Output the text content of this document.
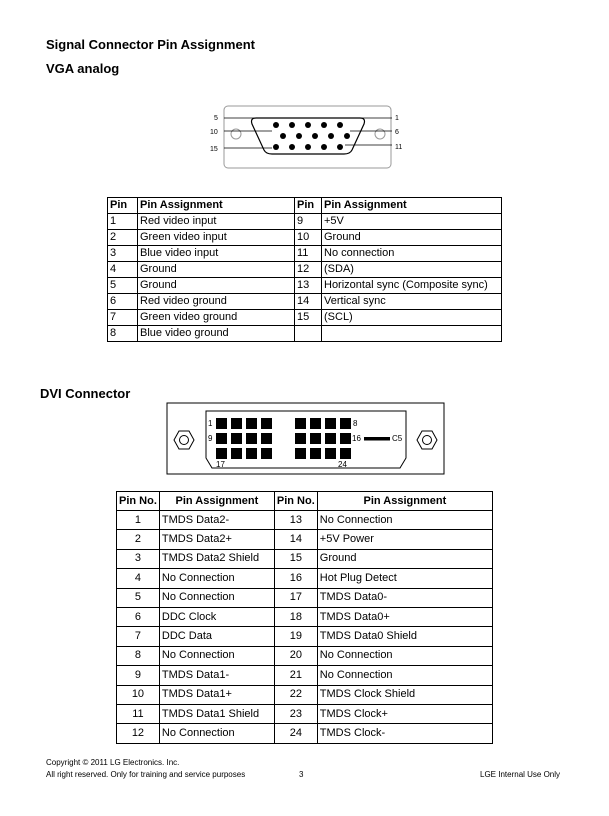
Signal Connector Pin Assignment

VGA analog

5
10
15
1
6
11
Pin	Pin Assignment	Pin	Pin Assignment
1	Red video input	9	+5V
2	Green video input	10	Ground
3	Blue video input	11	No connection
4	Ground	12	(SDA)
5	Ground	13	Horizontal sync (Composite sync)
6	Red video ground	14	Vertical sync
7	Green video ground	15	(SCL)
8	Blue video ground		

DVI Connector

1
9
17
8
16
24
C5
Pin No.	Pin Assignment	Pin No.	Pin Assignment
1	TMDS Data2-	13	No Connection
2	TMDS Data2+	14	+5V Power
3	TMDS Data2 Shield	15	Ground
4	No Connection	16	Hot Plug Detect
5	No Connection	17	TMDS Data0-
6	DDC Clock	18	TMDS Data0+
7	DDC Data	19	TMDS Data0 Shield
8	No Connection	20	No Connection
9	TMDS Data1-	21	No Connection
10	TMDS Data1+	22	TMDS Clock Shield
11	TMDS Data1 Shield	23	TMDS Clock+
12	No Connection	24	TMDS Clock-
Copyright © 2011 LG Electronics. Inc.
All right reserved. Only for training and service purposes	3	LGE Internal Use Only
